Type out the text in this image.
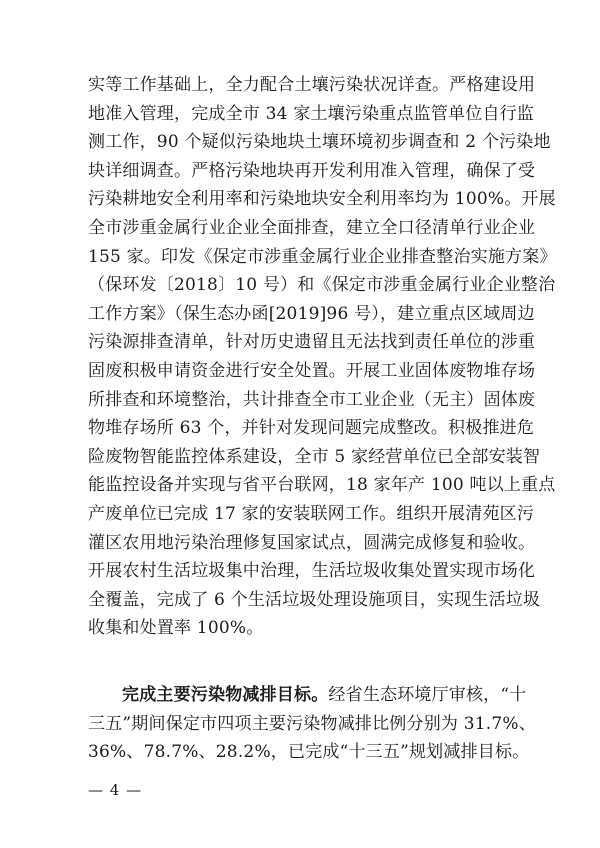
实等工作基础上，全力配合土壤污染状况详查。严格建设用
地准入管理，完成全市 34 家土壤污染重点监管单位自行监
测工作，90 个疑似污染地块土壤环境初步调查和 2 个污染地
块详细调查。严格污染地块再开发利用准入管理，确保了受
污染耕地安全利用率和污染地块安全利用率均为 100%。开展
全市涉重金属行业企业全面排查，建立全口径清单行业企业
155 家。印发《保定市涉重金属行业企业排查整治实施方案》
（保环发〔2018〕10 号）和《保定市涉重金属行业企业整治
工作方案》（保生态办函[2019]96 号），建立重点区域周边
污染源排查清单，针对历史遗留且无法找到责任单位的涉重
固废积极申请资金进行安全处置。开展工业固体废物堆存场
所排查和环境整治，共计排查全市工业企业（无主）固体废
物堆存场所 63 个，并针对发现问题完成整改。积极推进危
险废物智能监控体系建设，全市 5 家经营单位已全部安装智
能监控设备并实现与省平台联网，18 家年产 100 吨以上重点
产废单位已完成 17 家的安装联网工作。组织开展清苑区污
灌区农用地污染治理修复国家试点，圆满完成修复和验收。
开展农村生活垃圾集中治理，生活垃圾收集处置实现市场化
全覆盖，完成了 6 个生活垃圾处理设施项目，实现生活垃圾
收集和处置率 100%。
完成主要污染物减排目标。经省生态环境厅审核，“十
三五”期间保定市四项主要污染物减排比例分别为 31.7%、
36%、78.7%、28.2%，已完成“十三五”规划减排目标。
— 4 —
